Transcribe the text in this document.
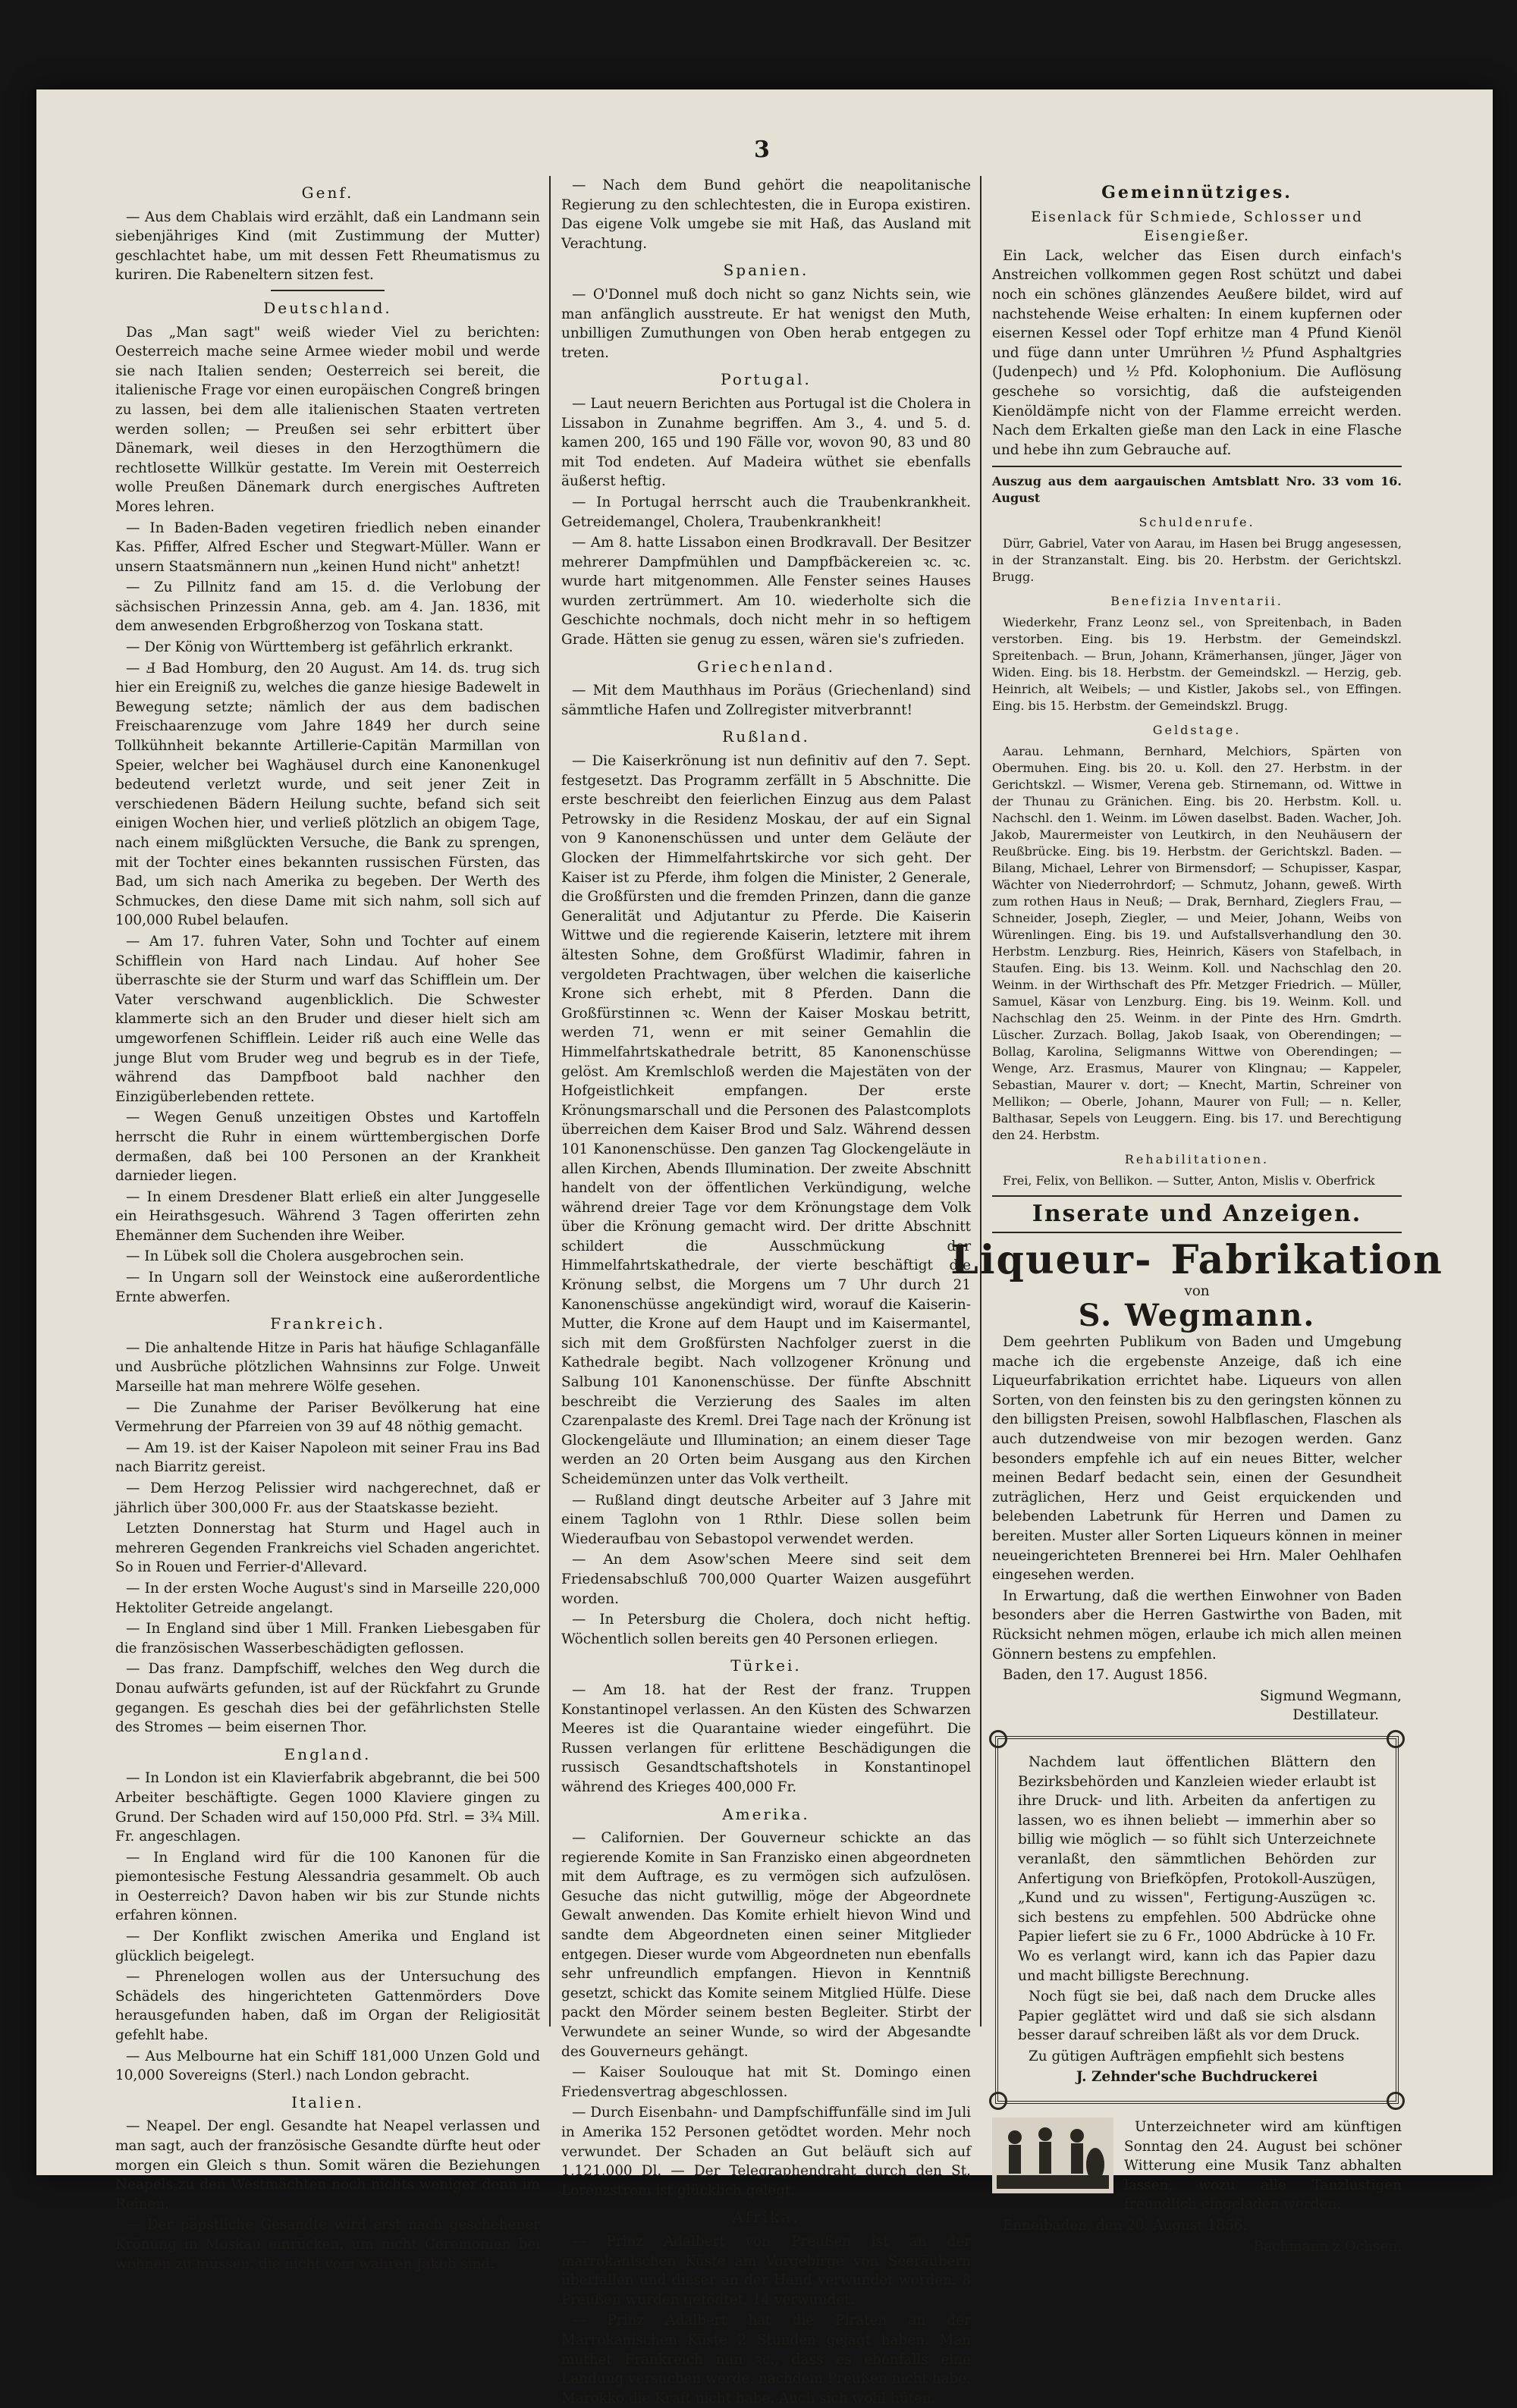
3
Genf.

— Aus dem Chablais wird erzählt, daß ein Landmann sein siebenjähriges Kind (mit Zustimmung der Mutter) geschlachtet habe, um mit dessen Fett Rheumatismus zu kuriren. Die Rabeneltern sitzen fest.

Deutschland.

Das „Man sagt" weiß wieder Viel zu berichten: Oesterreich mache seine Armee wieder mobil und werde sie nach Italien senden; Oesterreich sei bereit, die italienische Frage vor einen europäischen Congreß bringen zu lassen, bei dem alle italienischen Staaten vertreten werden sollen; — Preußen sei sehr erbittert über Dänemark, weil dieses in den Herzogthümern die rechtlosette Willkür gestatte. Im Verein mit Oesterreich wolle Preußen Dänemark durch energisches Auftreten Mores lehren.

— In Baden-Baden vegetiren friedlich neben einander Kas. Pfiffer, Alfred Escher und Stegwart-Müller. Wann er unsern Staatsmännern nun „keinen Hund nicht" anhetzt!

— Zu Pillnitz fand am 15. d. die Verlobung der sächsischen Prinzessin Anna, geb. am 4. Jan. 1836, mit dem anwesenden Erbgroßherzog von Toskana statt.

— Der König von Württemberg ist gefährlich erkrankt.

— Ⅎ Bad Homburg, den 20 August. Am 14. ds. trug sich hier ein Ereigniß zu, welches die ganze hiesige Badewelt in Bewegung setzte; nämlich der aus dem badischen Freischaarenzuge vom Jahre 1849 her durch seine Tollkühnheit bekannte Artillerie-Capitän Marmillan von Speier, welcher bei Waghäusel durch eine Kanonenkugel bedeutend verletzt wurde, und seit jener Zeit in verschiedenen Bädern Heilung suchte, befand sich seit einigen Wochen hier, und verließ plötzlich an obigem Tage, nach einem mißglückten Versuche, die Bank zu sprengen, mit der Tochter eines bekannten russischen Fürsten, das Bad, um sich nach Amerika zu begeben. Der Werth des Schmuckes, den diese Dame mit sich nahm, soll sich auf 100,000 Rubel belaufen.

— Am 17. fuhren Vater, Sohn und Tochter auf einem Schifflein von Hard nach Lindau. Auf hoher See überraschte sie der Sturm und warf das Schifflein um. Der Vater verschwand augenblicklich. Die Schwester klammerte sich an den Bruder und dieser hielt sich am umgeworfenen Schifflein. Leider riß auch eine Welle das junge Blut vom Bruder weg und begrub es in der Tiefe, während das Dampfboot bald nachher den Einzigüberlebenden rettete.

— Wegen Genuß unzeitigen Obstes und Kartoffeln herrscht die Ruhr in einem württembergischen Dorfe dermaßen, daß bei 100 Personen an der Krankheit darnieder liegen.

— In einem Dresdener Blatt erließ ein alter Junggeselle ein Heirathsgesuch. Während 3 Tagen offerirten zehn Ehemänner dem Suchenden ihre Weiber.

— In Lübek soll die Cholera ausgebrochen sein.

— In Ungarn soll der Weinstock eine außerordentliche Ernte abwerfen.

Frankreich.

— Die anhaltende Hitze in Paris hat häufige Schlaganfälle und Ausbrüche plötzlichen Wahnsinns zur Folge. Unweit Marseille hat man mehrere Wölfe gesehen.

— Die Zunahme der Pariser Bevölkerung hat eine Vermehrung der Pfarreien von 39 auf 48 nöthig gemacht.

— Am 19. ist der Kaiser Napoleon mit seiner Frau ins Bad nach Biarritz gereist.

— Dem Herzog Pelissier wird nachgerechnet, daß er jährlich über 300,000 Fr. aus der Staatskasse bezieht.

Letzten Donnerstag hat Sturm und Hagel auch in mehreren Gegenden Frankreichs viel Schaden angerichtet. So in Rouen und Ferrier-d'Allevard.

— In der ersten Woche August's sind in Marseille 220,000 Hektoliter Getreide angelangt.

— In England sind über 1 Mill. Franken Liebesgaben für die französischen Wasserbeschädigten geflossen.

— Das franz. Dampfschiff, welches den Weg durch die Donau aufwärts gefunden, ist auf der Rückfahrt zu Grunde gegangen. Es geschah dies bei der gefährlichsten Stelle des Stromes — beim eisernen Thor.

England.

— In London ist ein Klavierfabrik abgebrannt, die bei 500 Arbeiter beschäftigte. Gegen 1000 Klaviere gingen zu Grund. Der Schaden wird auf 150,000 Pfd. Strl. = 3¾ Mill. Fr. angeschlagen.

— In England wird für die 100 Kanonen für die piemontesische Festung Alessandria gesammelt. Ob auch in Oesterreich? Davon haben wir bis zur Stunde nichts erfahren können.

— Der Konflikt zwischen Amerika und England ist glücklich beigelegt.

— Phrenelogen wollen aus der Untersuchung des Schädels des hingerichteten Gattenmörders Dove herausgefunden haben, daß im Organ der Religiosität gefehlt habe.

— Aus Melbourne hat ein Schiff 181,000 Unzen Gold und 10,000 Sovereigns (Sterl.) nach London gebracht.

Italien.

— Neapel. Der engl. Gesandte hat Neapel verlassen und man sagt, auch der französische Gesandte dürfte heut oder morgen ein Gleich s thun. Somit wären die Beziehungen Neapels zu den Westmächten noch nichts weniger denn im Reinen.

— Der päpstliche Gesandte wird erst nach geschehener Krönung in Moskau einrücken, um nicht Ceremonien bei wohnen zu müssen, die nicht vom wahren Jakob sind.

— Nach dem Bund gehört die neapolitanische Regierung zu den schlechtesten, die in Europa existiren. Das eigene Volk umgebe sie mit Haß, das Ausland mit Verachtung.

Spanien.

— O'Donnel muß doch nicht so ganz Nichts sein, wie man anfänglich ausstreute. Er hat wenigst den Muth, unbilligen Zumuthungen von Oben herab entgegen zu treten.

Portugal.

— Laut neuern Berichten aus Portugal ist die Cholera in Lissabon in Zunahme begriffen. Am 3., 4. und 5. d. kamen 200, 165 und 190 Fälle vor, wovon 90, 83 und 80 mit Tod endeten. Auf Madeira wüthet sie ebenfalls äußerst heftig.

— In Portugal herrscht auch die Traubenkrankheit. Getreidemangel, Cholera, Traubenkrankheit!

— Am 8. hatte Lissabon einen Brodkravall. Der Besitzer mehrerer Dampfmühlen und Dampfbäckereien ꝛc. ꝛc. wurde hart mitgenommen. Alle Fenster seines Hauses wurden zertrümmert. Am 10. wiederholte sich die Geschichte nochmals, doch nicht mehr in so heftigem Grade. Hätten sie genug zu essen, wären sie's zufrieden.

Griechenland.

— Mit dem Mauthhaus im Poräus (Griechenland) sind sämmtliche Hafen und Zollregister mitverbrannt!

Rußland.

— Die Kaiserkrönung ist nun definitiv auf den 7. Sept. festgesetzt. Das Programm zerfällt in 5 Abschnitte. Die erste beschreibt den feierlichen Einzug aus dem Palast Petrowsky in die Residenz Moskau, der auf ein Signal von 9 Kanonenschüssen und unter dem Geläute der Glocken der Himmelfahrtskirche vor sich geht. Der Kaiser ist zu Pferde, ihm folgen die Minister, 2 Generale, die Großfürsten und die fremden Prinzen, dann die ganze Generalität und Adjutantur zu Pferde. Die Kaiserin Wittwe und die regierende Kaiserin, letztere mit ihrem ältesten Sohne, dem Großfürst Wladimir, fahren in vergoldeten Prachtwagen, über welchen die kaiserliche Krone sich erhebt, mit 8 Pferden. Dann die Großfürstinnen ꝛc. Wenn der Kaiser Moskau betritt, werden 71, wenn er mit seiner Gemahlin die Himmelfahrtskathedrale betritt, 85 Kanonenschüsse gelöst. Am Kremlschloß werden die Majestäten von der Hofgeistlichkeit empfangen. Der erste Krönungsmarschall und die Personen des Palastcomplots überreichen dem Kaiser Brod und Salz. Während dessen 101 Kanonenschüsse. Den ganzen Tag Glockengeläute in allen Kirchen, Abends Illumination. Der zweite Abschnitt handelt von der öffentlichen Verkündigung, welche während dreier Tage vor dem Krönungstage dem Volk über die Krönung gemacht wird. Der dritte Abschnitt schildert die Ausschmückung der Himmelfahrtskathedrale, der vierte beschäftigt die Krönung selbst, die Morgens um 7 Uhr durch 21 Kanonenschüsse angekündigt wird, worauf die Kaiserin-Mutter, die Krone auf dem Haupt und im Kaisermantel, sich mit dem Großfürsten Nachfolger zuerst in die Kathedrale begibt. Nach vollzogener Krönung und Salbung 101 Kanonenschüsse. Der fünfte Abschnitt beschreibt die Verzierung des Saales im alten Czarenpalaste des Kreml. Drei Tage nach der Krönung ist Glockengeläute und Illumination; an einem dieser Tage werden an 20 Orten beim Ausgang aus den Kirchen Scheidemünzen unter das Volk vertheilt.

— Rußland dingt deutsche Arbeiter auf 3 Jahre mit einem Taglohn von 1 Rthlr. Diese sollen beim Wiederaufbau von Sebastopol verwendet werden.

— An dem Asow'schen Meere sind seit dem Friedensabschluß 700,000 Quarter Waizen ausgeführt worden.

— In Petersburg die Cholera, doch nicht heftig. Wöchentlich sollen bereits gen 40 Personen erliegen.

Türkei.

— Am 18. hat der Rest der franz. Truppen Konstantinopel verlassen. An den Küsten des Schwarzen Meeres ist die Quarantaine wieder eingeführt. Die Russen verlangen für erlittene Beschädigungen die russisch Gesandtschaftshotels in Konstantinopel während des Krieges 400,000 Fr.

Amerika.

— Californien. Der Gouverneur schickte an das regierende Komite in San Franzisko einen abgeordneten mit dem Auftrage, es zu vermögen sich aufzulösen. Gesuche das nicht gutwillig, möge der Abgeordnete Gewalt anwenden. Das Komite erhielt hievon Wind und sandte dem Abgeordneten einen seiner Mitglieder entgegen. Dieser wurde vom Abgeordneten nun ebenfalls sehr unfreundlich empfangen. Hievon in Kenntniß gesetzt, schickt das Komite seinem Mitglied Hülfe. Diese packt den Mörder seinem besten Begleiter. Stirbt der Verwundete an seiner Wunde, so wird der Abgesandte des Gouverneurs gehängt.

— Kaiser Soulouque hat mit St. Domingo einen Friedensvertrag abgeschlossen.

— Durch Eisenbahn- und Dampfschiffunfälle sind im Juli in Amerika 152 Personen getödtet worden. Mehr noch verwundet. Der Schaden an Gut beläuft sich auf 1,121,000 Dl. — Der Telegraphendraht durch den St. Lorenzstrom ist glücklich gelegt.

Afrika.

— Prinz Adalbert von Preußen ist an der marrokanischen Küste am Vorgebirge von Seeräubern überfallen und dieser an der Hand verwundet worden. 8 Preußen wurden getödtet, 14 verwundet.

— Prinz Adalbert hat die Piraten an der Marrokanischen Küste 2 Stunden gejagt haben. Man muthet Frankreich nun ꝛc., dass es ebenfalls eine Landung versuchen werde, nachdem Preußen nicht habe. Marokko die Kraft nicht habe. Auch sich wohl hüten.

Gemeinnütziges.
Eisenlack für Schmiede, Schlosser und Eisengießer.

Ein Lack, welcher das Eisen durch einfach's Anstreichen vollkommen gegen Rost schützt und dabei noch ein schönes glänzendes Aeußere bildet, wird auf nachstehende Weise erhalten: In einem kupfernen oder eisernen Kessel oder Topf erhitze man 4 Pfund Kienöl und füge dann unter Umrühren ½ Pfund Asphaltgries (Judenpech) und ½ Pfd. Kolophonium. Die Auflösung geschehe so vorsichtig, daß die aufsteigenden Kienöldämpfe nicht von der Flamme erreicht werden. Nach dem Erkalten gieße man den Lack in eine Flasche und hebe ihn zum Gebrauche auf.

Auszug aus dem aargauischen Amtsblatt Nro. 33 vom 16. August
Schuldenrufe.

Dürr, Gabriel, Vater von Aarau, im Hasen bei Brugg angesessen, in der Stranzanstalt. Eing. bis 20. Herbstm. der Gerichtskzl. Brugg.

Benefizia Inventarii.

Wiederkehr, Franz Leonz sel., von Spreitenbach, in Baden verstorben. Eing. bis 19. Herbstm. der Gemeindskzl. Spreitenbach. — Brun, Johann, Krämerhansen, jünger, Jäger von Widen. Eing. bis 18. Herbstm. der Gemeindskzl. — Herzig, geb. Heinrich, alt Weibels; — und Kistler, Jakobs sel., von Effingen. Eing. bis 15. Herbstm. der Gemeindskzl. Brugg.

Geldstage.

Aarau. Lehmann, Bernhard, Melchiors, Spärten von Obermuhen. Eing. bis 20. u. Koll. den 27. Herbstm. in der Gerichtskzl. — Wismer, Verena geb. Stirnemann, od. Wittwe in der Thunau zu Gränichen. Eing. bis 20. Herbstm. Koll. u. Nachschl. den 1. Weinm. im Löwen daselbst. Baden. Wacher, Joh. Jakob, Maurermeister von Leutkirch, in den Neuhäusern der Reußbrücke. Eing. bis 19. Herbstm. der Gerichtskzl. Baden. — Bilang, Michael, Lehrer von Birmensdorf; — Schupisser, Kaspar, Wächter von Niederrohrdorf; — Schmutz, Johann, geweß. Wirth zum rothen Haus in Neuß; — Drak, Bernhard, Zieglers Frau, — Schneider, Joseph, Ziegler, — und Meier, Johann, Weibs von Würenlingen. Eing. bis 19. und Aufstallsverhandlung den 30. Herbstm. Lenzburg. Ries, Heinrich, Käsers von Stafelbach, in Staufen. Eing. bis 13. Weinm. Koll. und Nachschlag den 20. Weinm. in der Wirthschaft des Pfr. Metzger Friedrich. — Müller, Samuel, Käsar von Lenzburg. Eing. bis 19. Weinm. Koll. und Nachschlag den 25. Weinm. in der Pinte des Hrn. Gmdrth. Lüscher. Zurzach. Bollag, Jakob Isaak, von Oberendingen; — Bollag, Karolina, Seligmanns Wittwe von Oberendingen; — Wenge, Arz. Erasmus, Maurer von Klingnau; — Kappeler, Sebastian, Maurer v. dort; — Knecht, Martin, Schreiner von Mellikon; — Oberle, Johann, Maurer von Full; — n. Keller, Balthasar, Sepels von Leuggern. Eing. bis 17. und Berechtigung den 24. Herbstm.

Rehabilitationen.

Frei, Felix, von Bellikon. — Sutter, Anton, Mislis v. Oberfrick

Inserate und Anzeigen.
Liqueur- Fabrikation
von
S. Wegmann.

Dem geehrten Publikum von Baden und Umgebung mache ich die ergebenste Anzeige, daß ich eine Liqueurfabrikation errichtet habe. Liqueurs von allen Sorten, von den feinsten bis zu den geringsten können zu den billigsten Preisen, sowohl Halbflaschen, Flaschen als auch dutzendweise von mir bezogen werden. Ganz besonders empfehle ich auf ein neues Bitter, welcher meinen Bedarf bedacht sein, einen der Gesundheit zuträglichen, Herz und Geist erquickenden und belebenden Labetrunk für Herren und Damen zu bereiten. Muster aller Sorten Liqueurs können in meiner neueingerichteten Brennerei bei Hrn. Maler Oehlhafen eingesehen werden.

In Erwartung, daß die werthen Einwohner von Baden besonders aber die Herren Gastwirthe von Baden, mit Rücksicht nehmen mögen, erlaube ich mich allen meinen Gönnern bestens zu empfehlen.

Baden, den 17. August 1856.
Sigmund Wegmann,
Destillateur.

Nachdem laut öffentlichen Blättern den Bezirksbehörden und Kanzleien wieder erlaubt ist ihre Druck- und lith. Arbeiten da anfertigen zu lassen, wo es ihnen beliebt — immerhin aber so billig wie möglich — so fühlt sich Unterzeichnete veranlaßt, den sämmtlichen Behörden zur Anfertigung von Briefköpfen, Protokoll-Auszügen, „Kund und zu wissen", Fertigung-Auszügen ꝛc. sich bestens zu empfehlen. 500 Abdrücke ohne Papier liefert sie zu 6 Fr., 1000 Abdrücke à 10 Fr. Wo es verlangt wird, kann ich das Papier dazu und macht billigste Berechnung.

Noch fügt sie bei, daß nach dem Drucke alles Papier geglättet wird und daß sie sich alsdann besser darauf schreiben läßt als vor dem Druck.

Zu gütigen Aufträgen empfiehlt sich bestens

J. Zehnder'sche Buchdruckerei

Unterzeichneter wird am künftigen Sonntag den 24. August bei schöner Witterung eine Musik Tanz abhalten lassen, wozu alle Tanzlustigen freundlich eingeladen werden.

Enneibaden, den 20. August 1856.
Bachmann z Ochsen.
